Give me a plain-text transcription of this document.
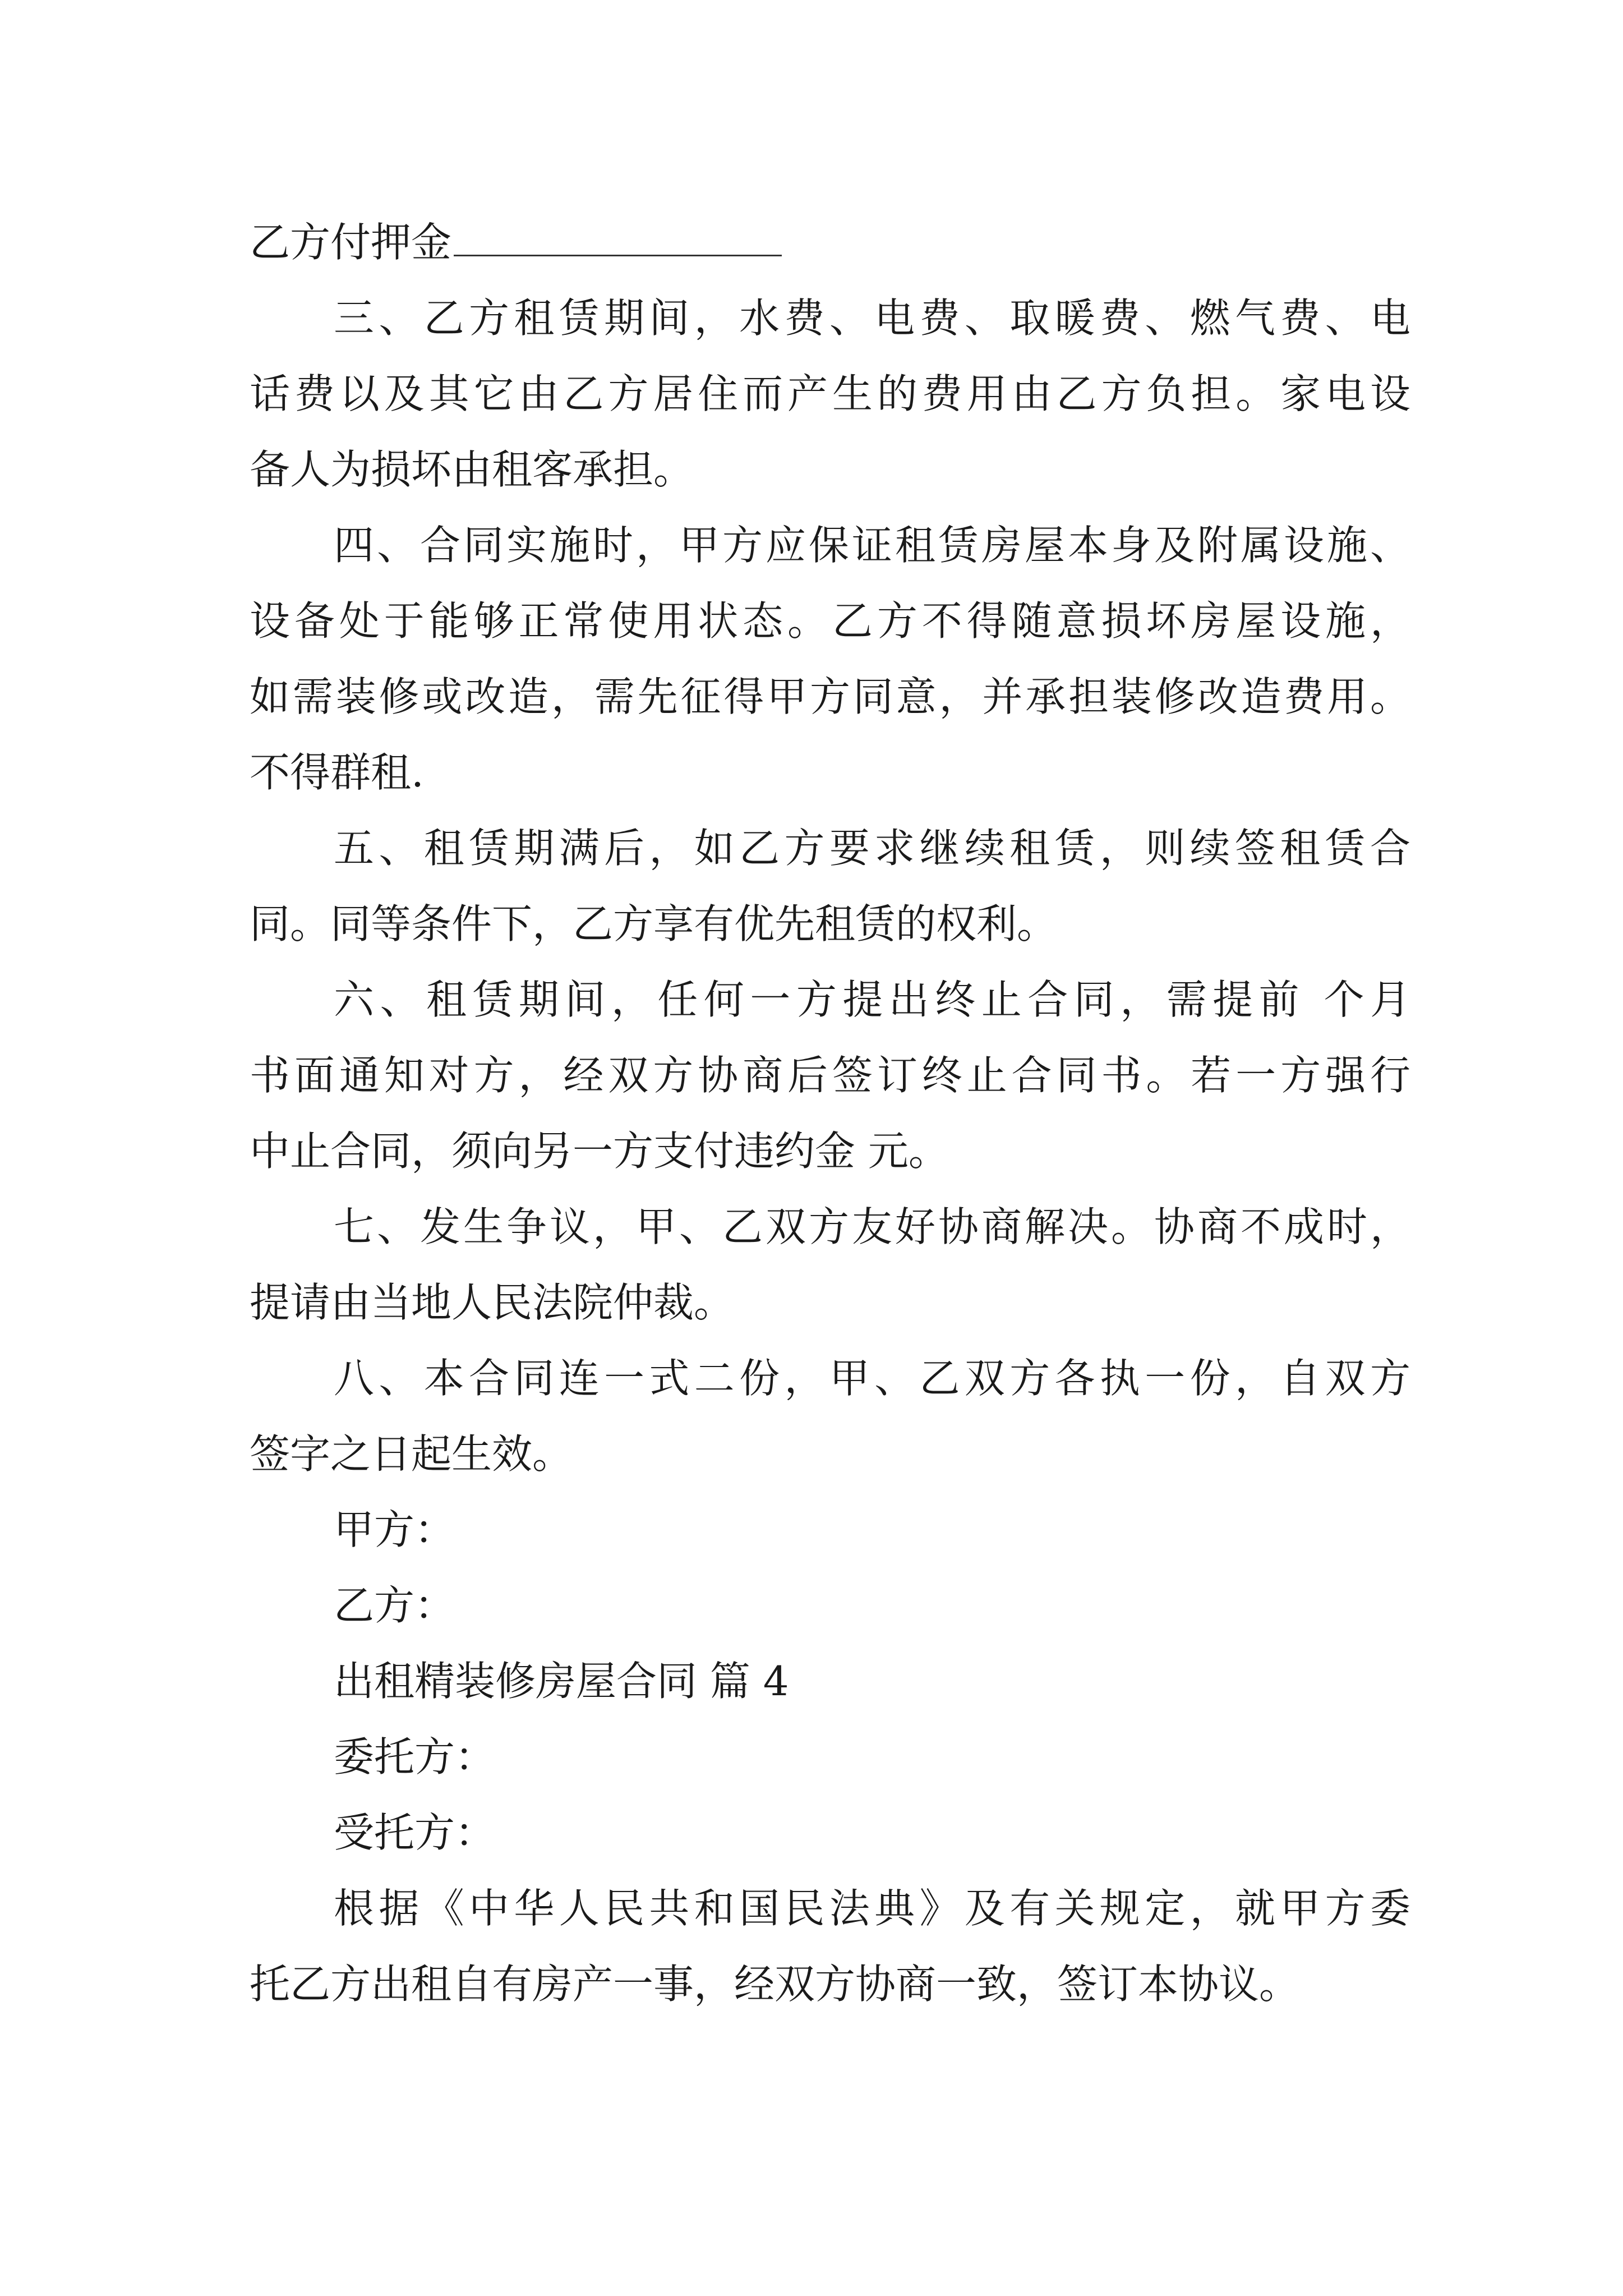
乙方付押金
三、乙方租赁期间，水费、电费、取暖费、燃气费、电
话费以及其它由乙方居住而产生的费用由乙方负担。家电设
备人为损坏由租客承担。
四、合同实施时，甲方应保证租赁房屋本身及附属设施、
设备处于能够正常使用状态。乙方不得随意损坏房屋设施，
如需装修或改造，需先征得甲方同意，并承担装修改造费用。
不得群租.
五、租赁期满后，如乙方要求继续租赁，则续签租赁合
同。同等条件下，乙方享有优先租赁的权利。
六、租赁期间，任何一方提出终止合同，需提前 个月
书面通知对方，经双方协商后签订终止合同书。若一方强行
中止合同，须向另一方支付违约金 元。
七、发生争议，甲、乙双方友好协商解决。协商不成时，
提请由当地人民法院仲裁。
八、本合同连一式二份，甲、乙双方各执一份，自双方
签字之日起生效。
甲方：
乙方：
出租精装修房屋合同 篇 4
委托方：
受托方：
根据《中华人民共和国民法典》及有关规定，就甲方委
托乙方出租自有房产一事，经双方协商一致，签订本协议。
